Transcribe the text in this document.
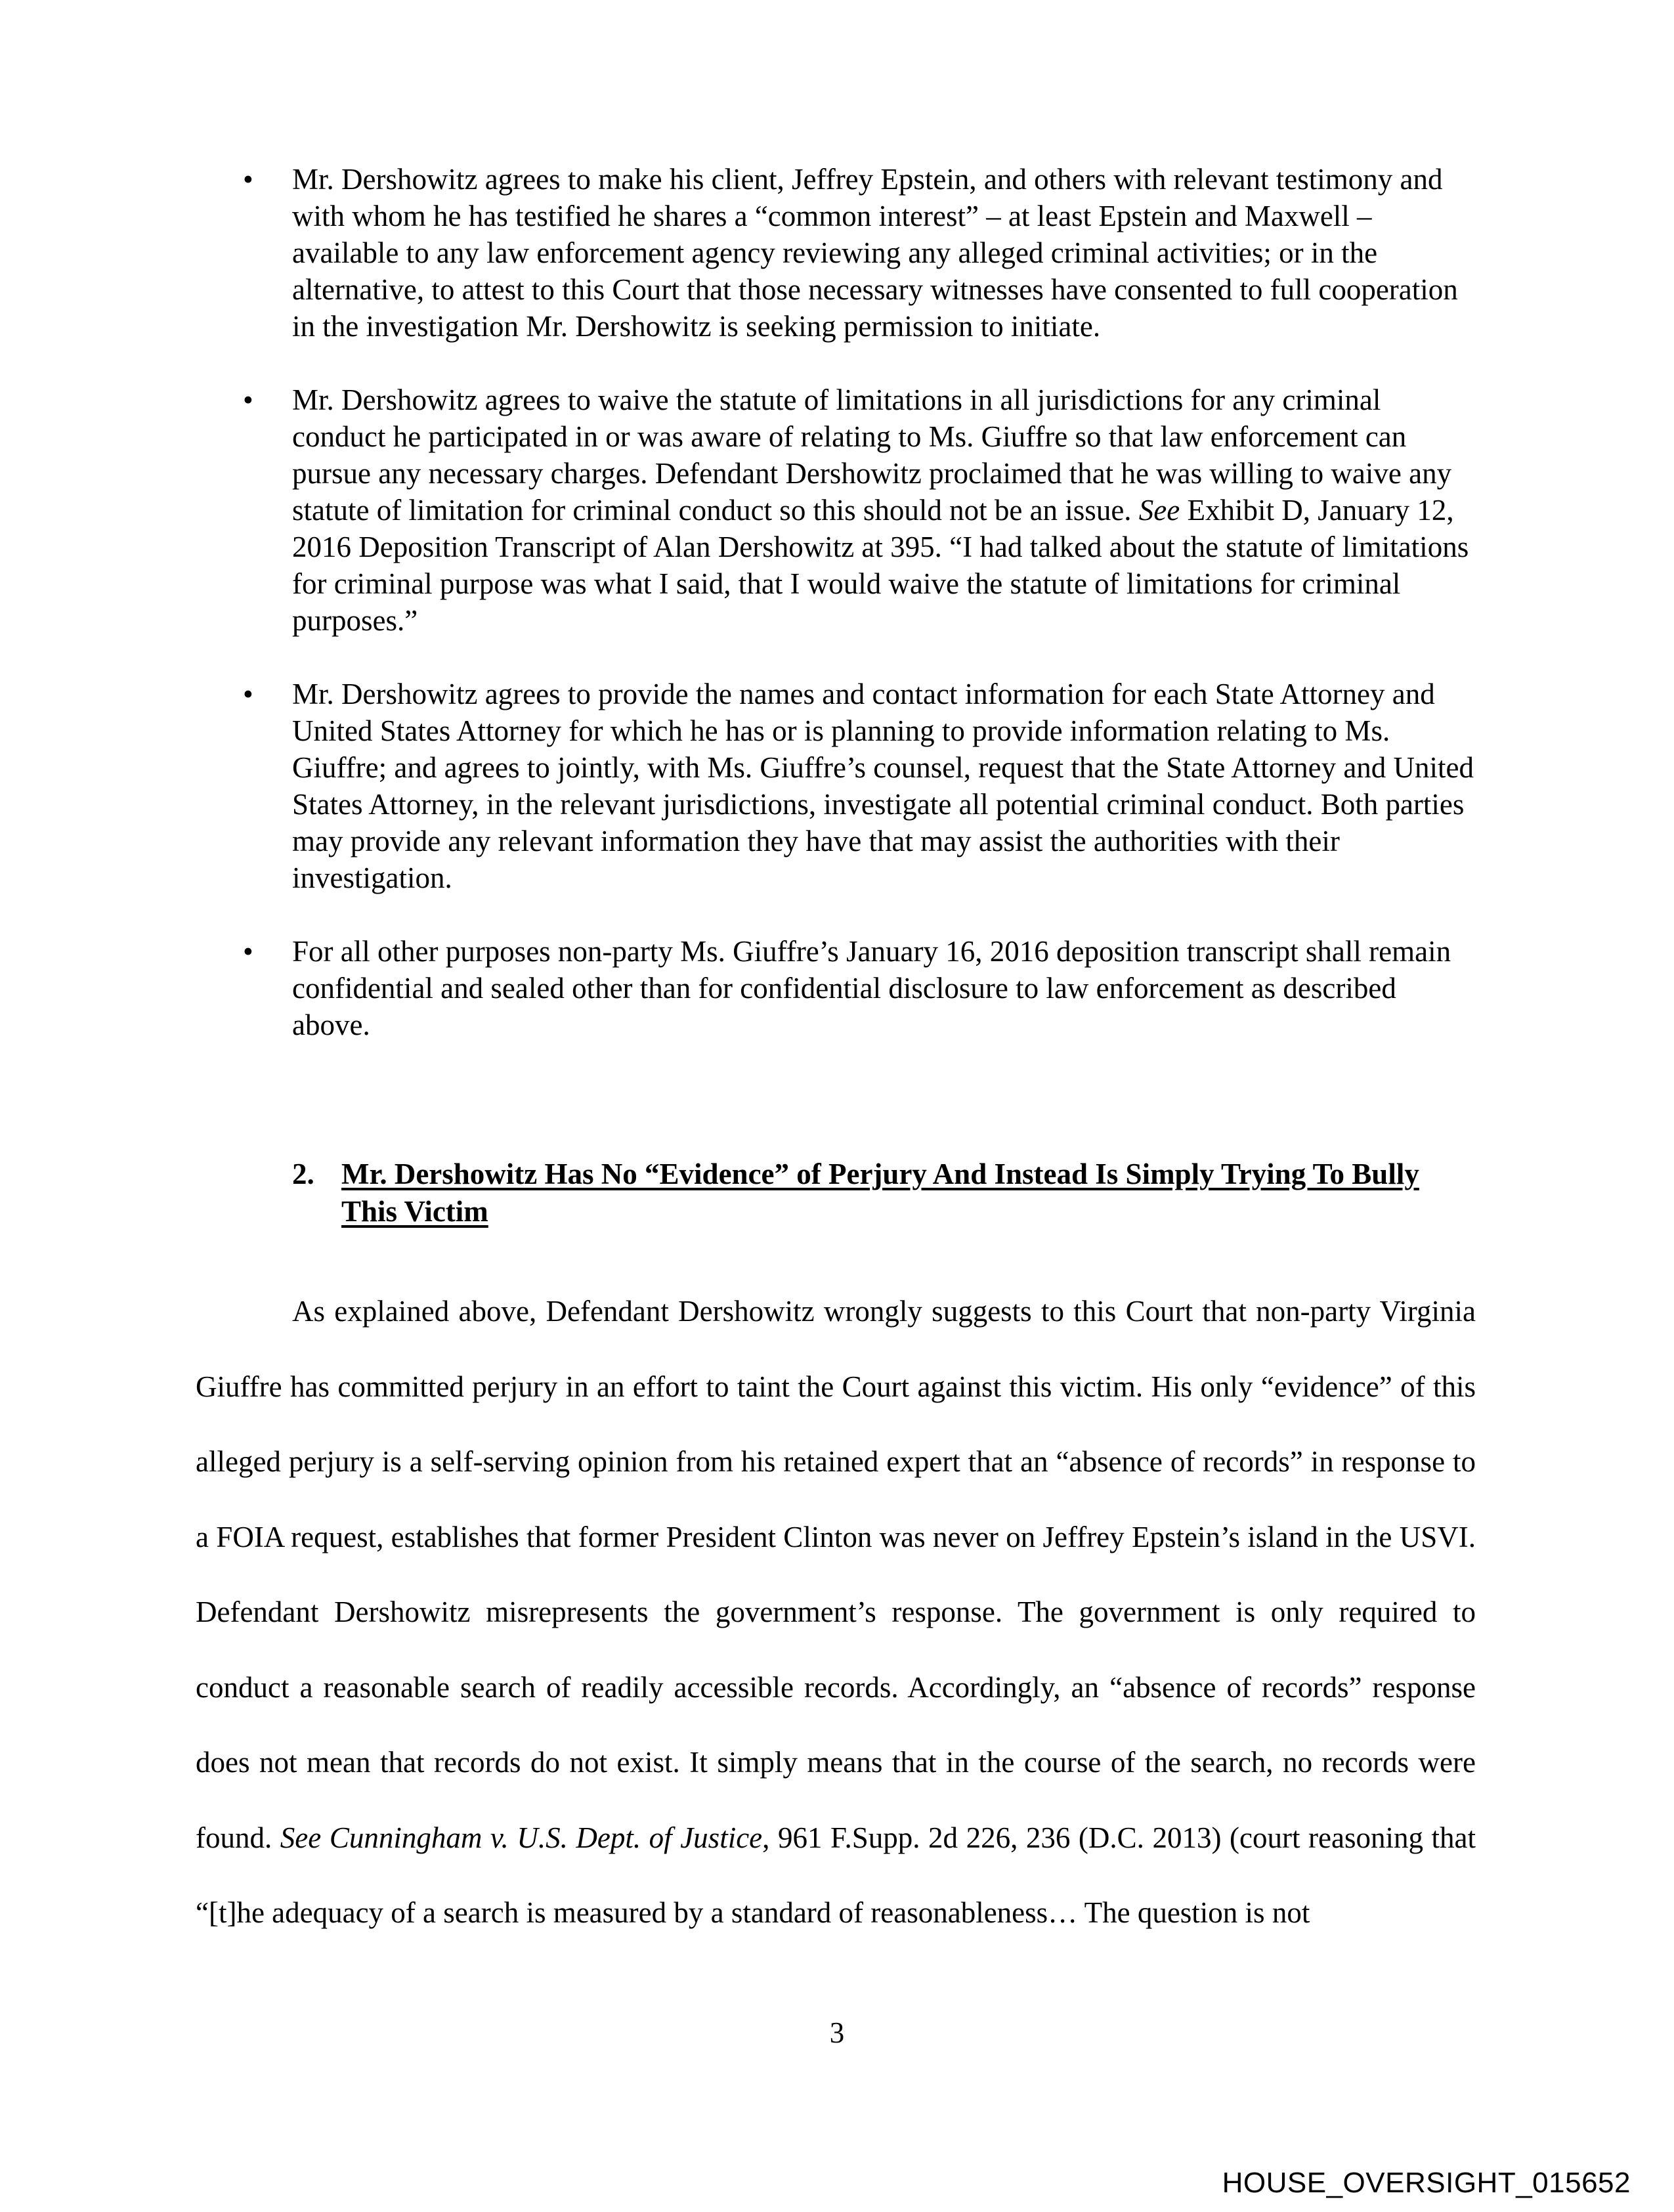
• Mr. Dershowitz agrees to make his client, Jeffrey Epstein, and others with relevant testimony and with whom he has testified he shares a “common interest” – at least Epstein and Maxwell – available to any law enforcement agency reviewing any alleged criminal activities; or in the alternative, to attest to this Court that those necessary witnesses have consented to full cooperation in the investigation Mr. Dershowitz is seeking permission to initiate.
• Mr. Dershowitz agrees to waive the statute of limitations in all jurisdictions for any criminal conduct he participated in or was aware of relating to Ms. Giuffre so that law enforcement can pursue any necessary charges. Defendant Dershowitz proclaimed that he was willing to waive any statute of limitation for criminal conduct so this should not be an issue. See Exhibit D, January 12, 2016 Deposition Transcript of Alan Dershowitz at 395. “I had talked about the statute of limitations for criminal purpose was what I said, that I would waive the statute of limitations for criminal purposes.”
• Mr. Dershowitz agrees to provide the names and contact information for each State Attorney and United States Attorney for which he has or is planning to provide information relating to Ms. Giuffre; and agrees to jointly, with Ms. Giuffre’s counsel, request that the State Attorney and United States Attorney, in the relevant jurisdictions, investigate all potential criminal conduct. Both parties may provide any relevant information they have that may assist the authorities with their investigation.
• For all other purposes non-party Ms. Giuffre’s January 16, 2016 deposition transcript shall remain confidential and sealed other than for confidential disclosure to law enforcement as described above.
2. Mr. Dershowitz Has No “Evidence” of Perjury And Instead Is Simply Trying To Bully This Victim

As explained above, Defendant Dershowitz wrongly suggests to this Court that non-party Virginia Giuffre has committed perjury in an effort to taint the Court against this victim. His only “evidence” of this alleged perjury is a self-serving opinion from his retained expert that an “absence of records” in response to a FOIA request, establishes that former President Clinton was never on Jeffrey Epstein’s island in the USVI. Defendant Dershowitz misrepresents the government’s response. The government is only required to conduct a reasonable search of readily accessible records. Accordingly, an “absence of records” response does not mean that records do not exist. It simply means that in the course of the search, no records were found. See Cunningham v. U.S. Dept. of Justice, 961 F.Supp. 2d 226, 236 (D.C. 2013) (court reasoning that “[t]he adequacy of a search is measured by a standard of reasonableness… The question is not

3
HOUSE_OVERSIGHT_015652
